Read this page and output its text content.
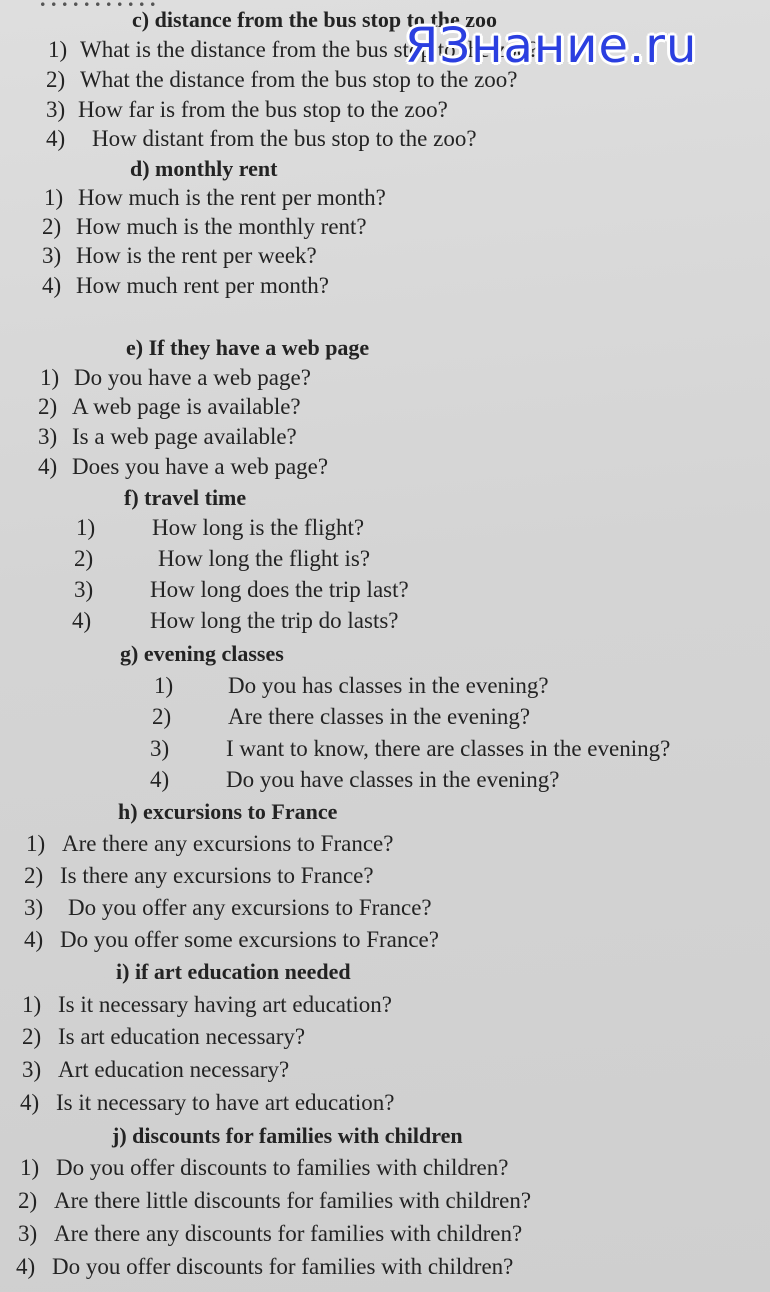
c) distance from the bus stop to the zoo
1) What is the distance from the bus stop to the zoo?
2) What the distance from the bus stop to the zoo?
3) How far is from the bus stop to the zoo?
4) How distant from the bus stop to the zoo?
d) monthly rent
1) How much is the rent per month?
2) How much is the monthly rent?
3) How is the rent per week?
4) How much rent per month?
e) If they have a web page
1) Do you have a web page?
2) A web page is available?
3) Is a web page available?
4) Does you have a web page?
f) travel time
1) How long is the flight?
2)	How long the flight is?
3) How long does the trip last?
4)	How long the trip do lasts?
g) evening classes
1) Do you has classes in the evening?
2) Are there classes in the evening?
3) I want to know, there are classes in the evening?
4) Do you have classes in the evening?
h) excursions to France
1) Are there any excursions to France?
2) Is there any excursions to France?
3) Do you offer any excursions to France?
4) Do you offer some excursions to France?
i) if art education needed
1) Is it necessary having art education?
2) Is art education necessary?
3) Art education necessary?
4) Is it necessary to have art education?
j) discounts for families with children
1) Do you offer discounts to families with children?
2) Are there little discounts for families with children?
3) Are there any discounts for families with children?
4) Do you offer discounts for families with children?
ЯЗнание.ru
